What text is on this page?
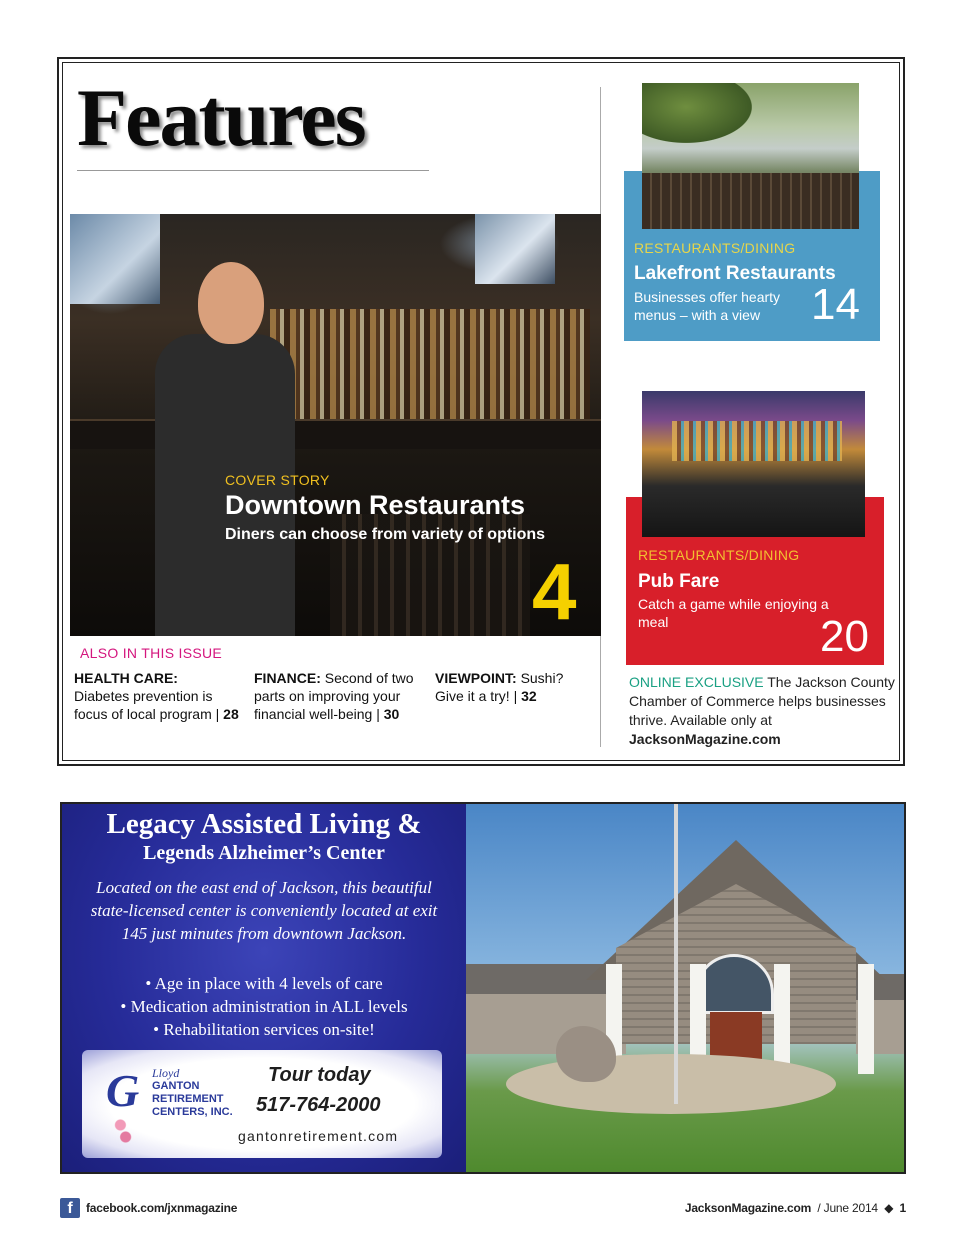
Features
COVER STORY
Downtown Restaurants
Diners can choose from variety of options
4
ALSO IN THIS ISSUE
HEALTH CARE:
Diabetes prevention is focus of local program | 28
FINANCE: Second of two parts on improving your financial well-being | 30
VIEWPOINT: Sushi? Give it a try! | 32
RESTAURANTS/DINING
Lakefront Restaurants
Businesses offer hearty menus – with a view	14
RESTAURANTS/DINING
Pub Fare
Catch a game while enjoying a meal	20
ONLINE EXCLUSIVE The Jackson County Chamber of Commerce helps businesses thrive. Available only at JacksonMagazine.com
Legacy Assisted Living &
Legends Alzheimer’s Center
Located on the east end of Jackson, this beautiful state-licensed center is conveniently located at exit 145 just minutes from downtown Jackson.
• Age in place with 4 levels of care
• Medication administration in ALL levels
• Rehabilitation services on-site!
G Lloyd
GANTON
RETIREMENT
CENTERS, INC.
Tour today
517-764-2000
gantonretirement.com
f	facebook.com/jxnmagazine	JacksonMagazine.com / June 2014 ◆ 1
